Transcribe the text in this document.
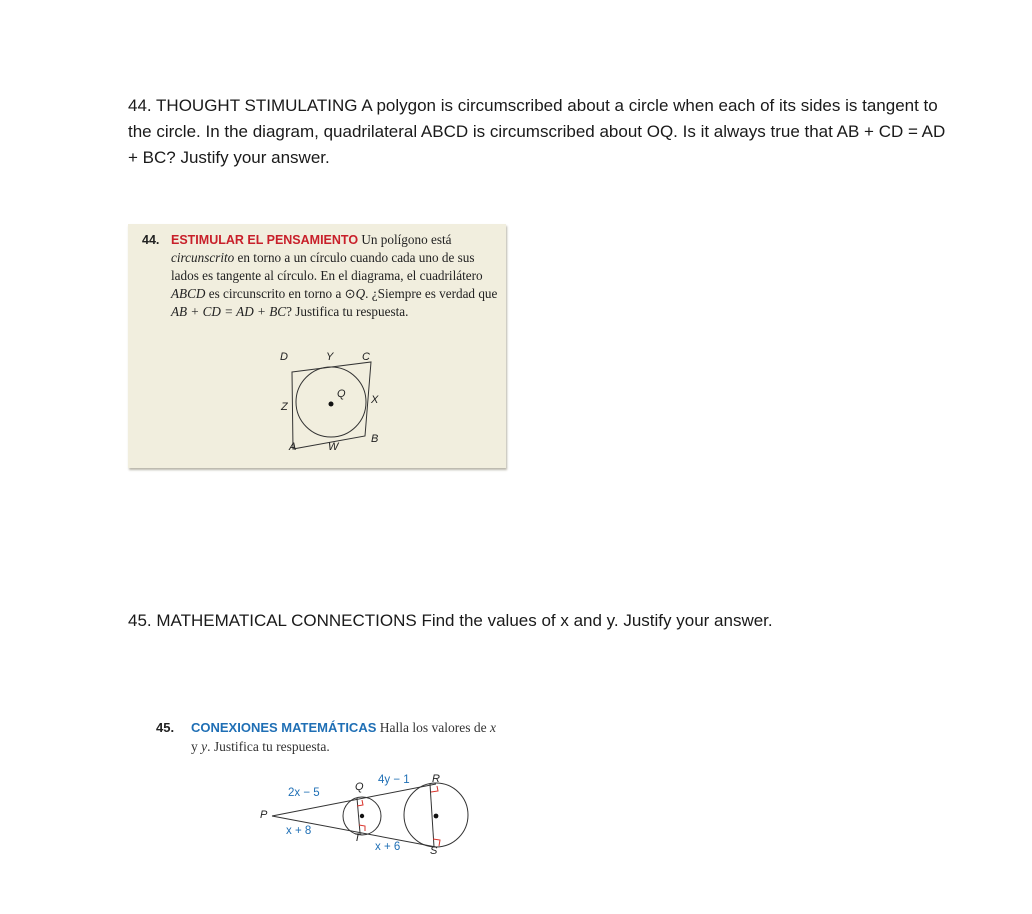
44. THOUGHT STIMULATING A polygon is circumscribed about a circle when each of its sides is tangent to the circle. In the diagram, quadrilateral ABCD is circumscribed about OQ. Is it always true that AB + CD = AD + BC? Justify your answer.

44. ESTIMULAR EL PENSAMIENTO Un polígono está circunscrito en torno a un círculo cuando cada uno de sus lados es tangente al círculo. En el diagrama, el cuadrilátero ABCD es circunscrito en torno a ⊙Q. ¿Siempre es verdad que AB + CD = AD + BC? Justifica tu respuesta.
D	Y	C
Q X
Z
B
A	W

45. MATHEMATICAL CONNECTIONS Find the values of x and y. Justify your answer.

45. CONEXIONES MATEMÁTICAS Halla los valores de x
y y. Justifica tu respuesta.
2x − 5
4y − 1
x + 8
x + 6
P
Q
R
T
S
